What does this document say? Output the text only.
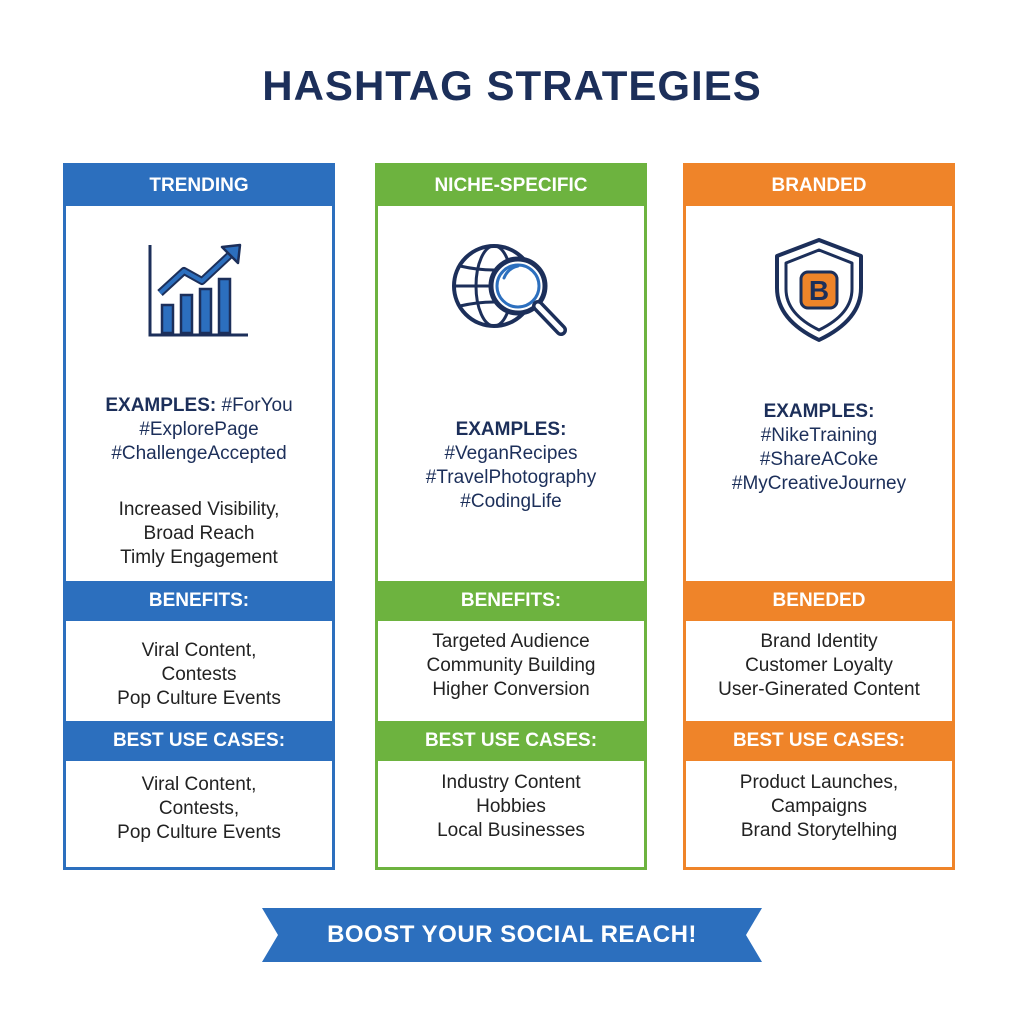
HASHTAG STRATEGIES
TRENDING
EXAMPLES: #ForYou
#ExplorePage
#ChallengeAccepted
Increased Visibility,
Broad Reach
Timly Engagement
BENEFITS:
Viral Content,
Contests
Pop Culture Events
BEST USE CASES:
Viral Content,
Contests,
Pop Culture Events
NICHE-SPECIFIC
EXAMPLES:
#VeganRecipes
#TravelPhotography
#CodingLife
BENEFITS:
Targeted Audience
Community Building
Higher Conversion
BEST USE CASES:
Industry Content
Hobbies
Local Businesses
BRANDED
B
EXAMPLES:
#NikeTraining
#ShareACoke
#MyCreativeJourney
BENEDED
Brand Identity
Customer Loyalty
User-Ginerated Content
BEST USE CASES:
Product Launches,
Campaigns
Brand Storytelhing
BOOST YOUR SOCIAL REACH!
